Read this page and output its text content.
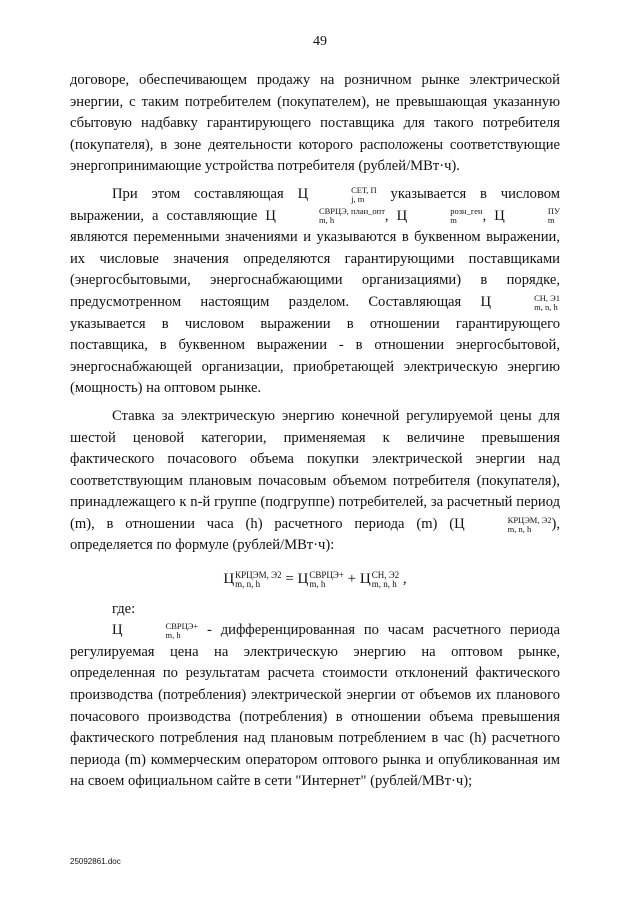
49

договоре, обеспечивающем продажу на розничном рынке электрической энергии, с таким потребителем (покупателем), не превышающая указанную сбытовую надбавку гарантирующего поставщика для такого потребителя (покупателя), в зоне деятельности которого расположены соответствующие энергопринимающие устройства потребителя (рублей/МВт·ч).

При этом составляющая Ц	СЕТ, П
j, m указывается в числовом выражении, а составляющие Ц	СВРЦЭ, план_опт
m, h	, Ц	розн_ген
m	, Ц	ПУ
m
являются переменными значениями и указываются в буквенном выражении, их числовые значения определяются гарантирующими поставщиками (энергосбытовыми, энергоснабжающими организациями) в порядке, предусмотренном настоящим разделом. Составляющая Ц	СН, Э1
m, n, h
указывается в числовом выражении в отношении гарантирующего поставщика, в буквенном выражении - в отношении энергосбытовой, энергоснабжающей организации, приобретающей электрическую энергию (мощность) на оптовом рынке.

Ставка за электрическую энергию конечной регулируемой цены для шестой ценовой категории, применяемая к величине превышения фактического почасового объема покупки электрической энергии над соответствующим плановым почасовым объемом потребителя (покупателя), принадлежащего к n-й группе (подгруппе) потребителей, за расчетный период (m), в отношении часа (h) расчетного периода (m) (Ц	КРЦЭМ, Э2
m, n, h	), определяется по формуле (рублей/МВт·ч):

Ц КРЦЭМ, Э2
m, n, h	= Ц СВРЦЭ+
m, h	+ Ц СН, Э2
m, n, h ,

где:

Ц	СВРЦЭ+
m, h	- дифференцированная по часам расчетного периода регулируемая цена на электрическую энергию на оптовом рынке, определенная по результатам расчета стоимости отклонений фактического производства (потребления) электрической энергии от объемов их планового почасового производства (потребления) в отношении объема превышения фактического потребления над плановым потреблением в час (h) расчетного периода (m) коммерческим оператором оптового рынка и опубликованная им на своем официальном сайте в сети "Интернет" (рублей/МВт·ч);

25092861.doc
